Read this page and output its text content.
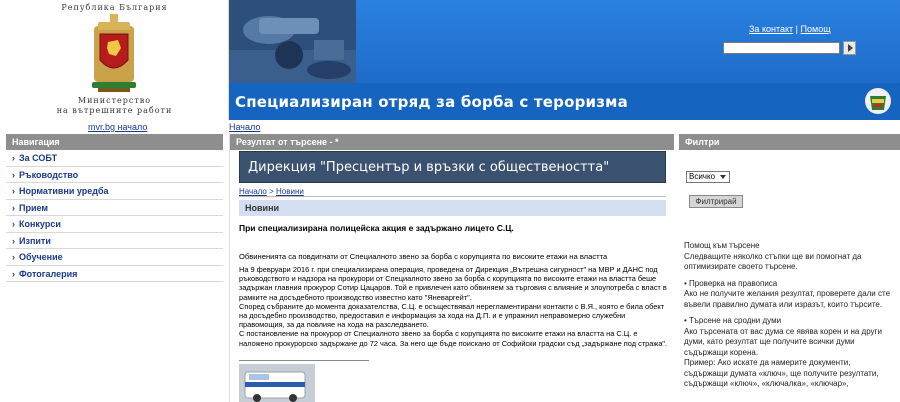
Република България
Министерство
на вътрешните работи
За контакт | Помощ
Специализиран отряд за борба с тероризма
mvr.bg начало	Начало
Навигация
› За СОБТ
› Ръководство
› Нормативни уредба
› Прием
› Конкурси
› Изпити
› Обучение
› Фотогалерия
Резултат от търсене - *
Дирекция "Пресцентър и връзки с обществеността"
Начало > Новини
Новини
При специализирана полицейска акция е задържано лицето С.Ц.
Обвиненията са повдигнати от Специалното звено за борба с корупцията по високите етажи на властта

На 9 февруари 2016 г. при специализирана операция, проведена от Дирекция „Вътрешна сигурност" на МВР и ДАНС под ръководството и надзора на прокурори от Специалното звено за борба с корупцията по високите етажи на властта беше задържан главния прокурор Сотир Цацаров. Той е привлечен като обвиняем за търговия с влияние и злоупотреба с власт в рамките на досъдебното производство известно като "Яневаргейт".

Според събраните до момента доказателства, С.Ц. е осъществявал нерегламентирани контакти с В.Я., която е била обект на досъдебно производство, предоставил е информация за хода на Д.П. и е упражнил неправомерно служебни правомощия, за да повлияе на хода на разследването.

С постановление на прокурор от Специалното звено за борба с корупцията по високите етажи на властта на С.Ц. е наложено прокурорско задържане до 72 часа. За него ще бъде поискано от Софийски градски съд „задържане под стража".

Филтри
Всичко
Филтрирай

Помощ към търсене

Следващите няколко стъпки ще ви помогнат да оптимизирате своето търсене.

• Проверка на правописа

Ако не получите желания резултат, проверете дали сте въвели правилно думата или изразът, които търсите.

• Търсене на сродни думи

Ако търсената от вас дума се явява корен и на други думи, като резултат ще получите всички думи съдържащи корена.

Пример: Ако искате да намерите документи, съдържащи думата «ключ», ще получите резултати, съдържащи «ключ», «ключалка», «ключар»,
